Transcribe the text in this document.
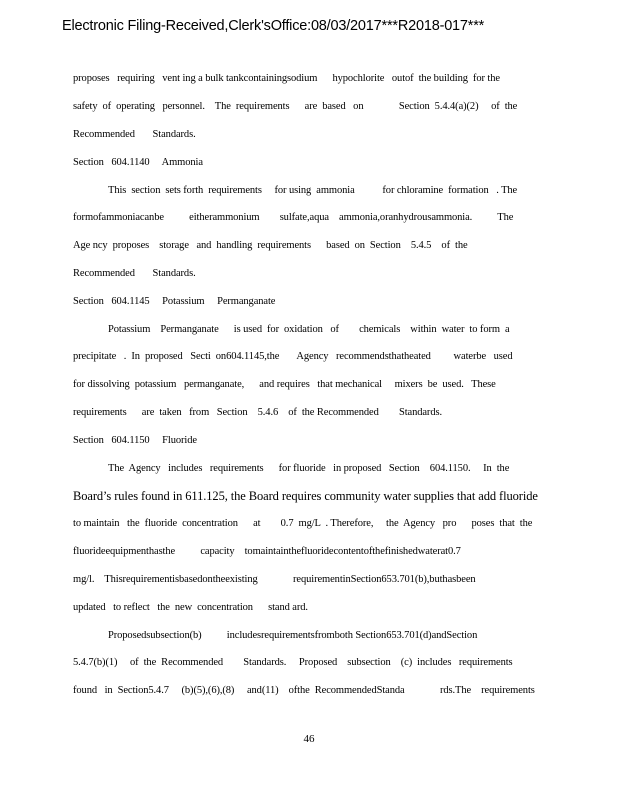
Electronic Filing-Received,Clerk'sOffice:08/03/2017***R2018-017***
proposes   requiring   vent ing a bulk tankcontainingsodium      hypochlorite   outof  the building  for the
safety  of  operating   personnel.    The  requirements      are  based   on              Section  5.4.4(a)(2)     of  the
Recommended       Standards.
Section   604.1140     Ammonia
This  section  sets forth  requirements     for using  ammonia           for chloramine  formation   . The
formofammoniacanbe          eitherammonium        sulfate,aqua    ammonia,oranhydrousammonia.          The
Age ncy  proposes    storage   and  handling  requirements      based  on  Section    5.4.5    of  the
Recommended       Standards.
Section   604.1145     Potassium     Permanganate
Potassium    Permanganate      is used  for  oxidation   of        chemicals    within  water  to form  a
precipitate   .  In  proposed   Secti  on604.1145,the       Agency   recommendsthatheated         waterbe   used
for dissolving  potassium   permanganate,      and requires   that mechanical     mixers  be  used.   These
requirements      are  taken   from   Section    5.4.6    of  the Recommended        Standards.
Section   604.1150     Fluoride
The  Agency   includes   requirements      for fluoride   in proposed   Section    604.1150.     In  the
Board’s rules found in 611.125, the Board requires community water supplies that add fluoride
to maintain   the  fluoride  concentration      at        0.7  mg/L  . Therefore,     the  Agency   pro      poses  that  the
fluorideequipmenthasthe          capacity    tomaintainthefluoridecontentofthefinishedwaterat0.7
mg/l.    Thisrequirementisbasedontheexisting              requirementinSection653.701(b),buthasbeen
updated   to reflect   the  new  concentration      stand ard.
Proposedsubsection(b)          includesrequirementsfromboth Section653.701(d)andSection
5.4.7(b)(1)     of  the  Recommended        Standards.     Proposed    subsection    (c)  includes   requirements
found   in  Section5.4.7     (b)(5),(6),(8)     and(11)    ofthe  RecommendedStanda              rds.The    requirements
46
